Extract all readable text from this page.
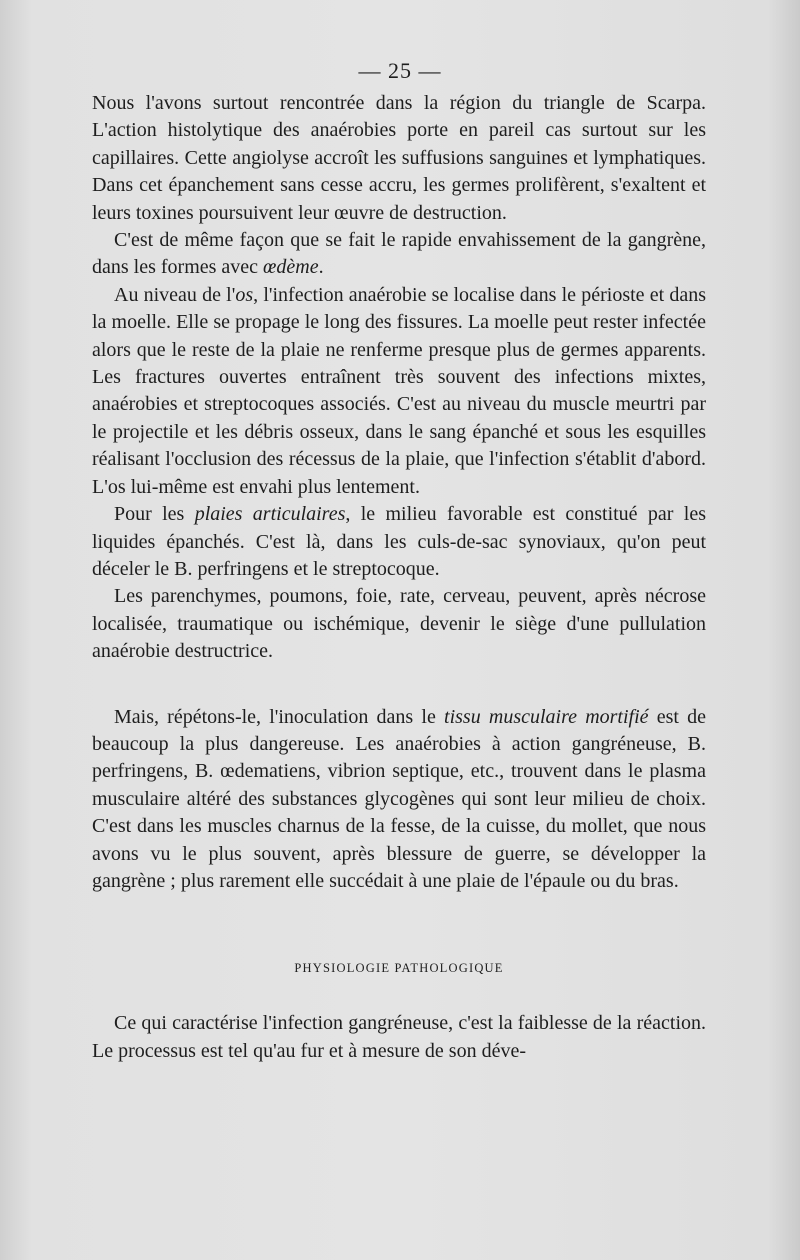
— 25 —

Nous l'avons surtout rencontrée dans la région du triangle de Scarpa. L'action histolytique des anaérobies porte en pareil cas surtout sur les capillaires. Cette angiolyse accroît les suffusions sanguines et lymphatiques. Dans cet épanchement sans cesse accru, les germes prolifèrent, s'exaltent et leurs toxines poursuivent leur œuvre de destruction.

C'est de même façon que se fait le rapide envahissement de la gangrène, dans les formes avec œdème.

Au niveau de l'os, l'infection anaérobie se localise dans le périoste et dans la moelle. Elle se propage le long des fissures. La moelle peut rester infectée alors que le reste de la plaie ne renferme presque plus de germes apparents. Les fractures ouvertes entraînent très souvent des infections mixtes, anaérobies et streptocoques associés. C'est au niveau du muscle meurtri par le projectile et les débris osseux, dans le sang épanché et sous les esquilles réalisant l'occlusion des récessus de la plaie, que l'infection s'établit d'abord. L'os lui-même est envahi plus lentement.

Pour les plaies articulaires, le milieu favorable est constitué par les liquides épanchés. C'est là, dans les culs-de-sac synoviaux, qu'on peut déceler le B. perfringens et le streptocoque.

Les parenchymes, poumons, foie, rate, cerveau, peuvent, après nécrose localisée, traumatique ou ischémique, devenir le siège d'une pullulation anaérobie destructrice.

Mais, répétons-le, l'inoculation dans le tissu musculaire mortifié est de beaucoup la plus dangereuse. Les anaérobies à action gangréneuse, B. perfringens, B. œdematiens, vibrion septique, etc., trouvent dans le plasma musculaire altéré des substances glycogènes qui sont leur milieu de choix. C'est dans les muscles charnus de la fesse, de la cuisse, du mollet, que nous avons vu le plus souvent, après blessure de guerre, se développer la gangrène ; plus rarement elle succédait à une plaie de l'épaule ou du bras.

PHYSIOLOGIE PATHOLOGIQUE

Ce qui caractérise l'infection gangréneuse, c'est la faiblesse de la réaction. Le processus est tel qu'au fur et à mesure de son déve-
